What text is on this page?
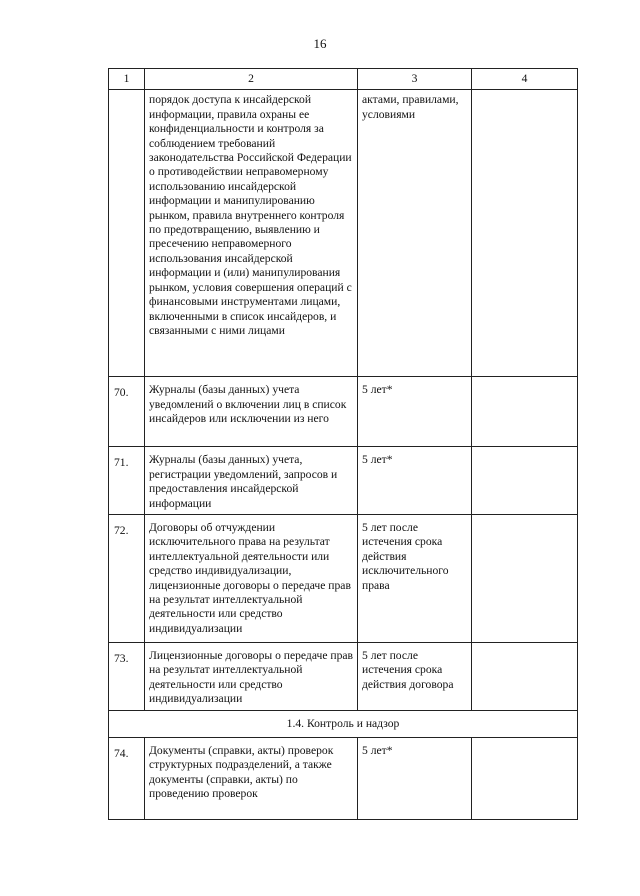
16
1	2	3	4
	порядок доступа к инсайдерской информации, правила охраны ее конфиденциальности и контроля за соблюдением требований законодательства Российской Федерации о противодействии неправомерному использованию инсайдерской информации и манипулированию рынком, правила внутреннего контроля по предотвращению, выявлению и пресечению неправомерного использования инсайдерской информации и (или) манипулирования рынком, условия совершения операций с финансовыми инструментами лицами, включенными в список инсайдеров, и связанными с ними лицами	актами, правилами, условиями	
70.	Журналы (базы данных) учета уведомлений о включении лиц в список инсайдеров или исключении из него	5 лет*	
71.	Журналы (базы данных) учета, регистрации уведомлений, запросов и предоставления инсайдерской информации	5 лет*	
72.	Договоры об отчуждении исключительного права на результат интеллектуальной деятельности или средство индивидуализации, лицензионные договоры о передаче прав на результат интеллектуальной деятельности или средство индивидуализации	5 лет после истечения срока действия исключительного права	
73.	Лицензионные договоры о передаче прав на результат интеллектуальной деятельности или средство индивидуализации	5 лет после истечения срока действия договора	
1.4. Контроль и надзор			
74.	Документы (справки, акты) проверок структурных подразделений, а также документы (справки, акты) по проведению проверок	5 лет*	
